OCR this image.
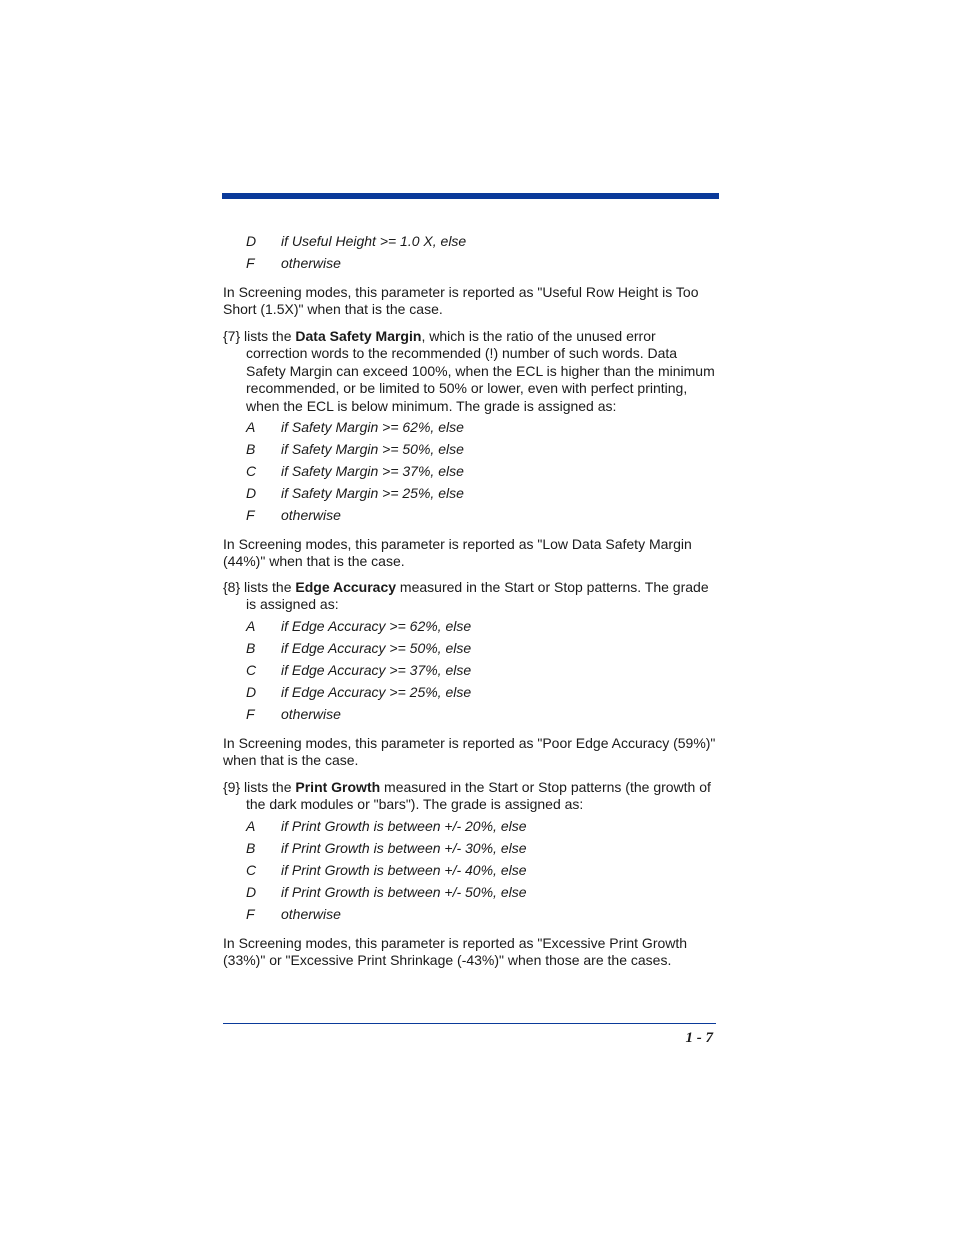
D if Useful Height >= 1.0 X, else
F otherwise

In Screening modes, this parameter is reported as "Useful Row Height is Too Short (1.5X)" when that is the case.

{7} lists the Data Safety Margin, which is the ratio of the unused error correction words to the recommended (!) number of such words. Data Safety Margin can exceed 100%, when the ECL is higher than the minimum recommended, or be limited to 50% or lower, even with perfect printing, when the ECL is below minimum. The grade is assigned as:

A if Safety Margin >= 62%, else
B if Safety Margin >= 50%, else
C if Safety Margin >= 37%, else
D if Safety Margin >= 25%, else
F otherwise

In Screening modes, this parameter is reported as "Low Data Safety Margin (44%)" when that is the case.

{8} lists the Edge Accuracy measured in the Start or Stop patterns. The grade is assigned as:

A if Edge Accuracy >= 62%, else
B if Edge Accuracy >= 50%, else
C if Edge Accuracy >= 37%, else
D if Edge Accuracy >= 25%, else
F otherwise

In Screening modes, this parameter is reported as "Poor Edge Accuracy (59%)" when that is the case.

{9} lists the Print Growth measured in the Start or Stop patterns (the growth of the dark modules or "bars"). The grade is assigned as:

A if Print Growth is between +/- 20%, else
B if Print Growth is between +/- 30%, else
C if Print Growth is between +/- 40%, else
D if Print Growth is between +/- 50%, else
F otherwise

In Screening modes, this parameter is reported as "Excessive Print Growth (33%)" or "Excessive Print Shrinkage (-43%)" when those are the cases.

1 - 7
